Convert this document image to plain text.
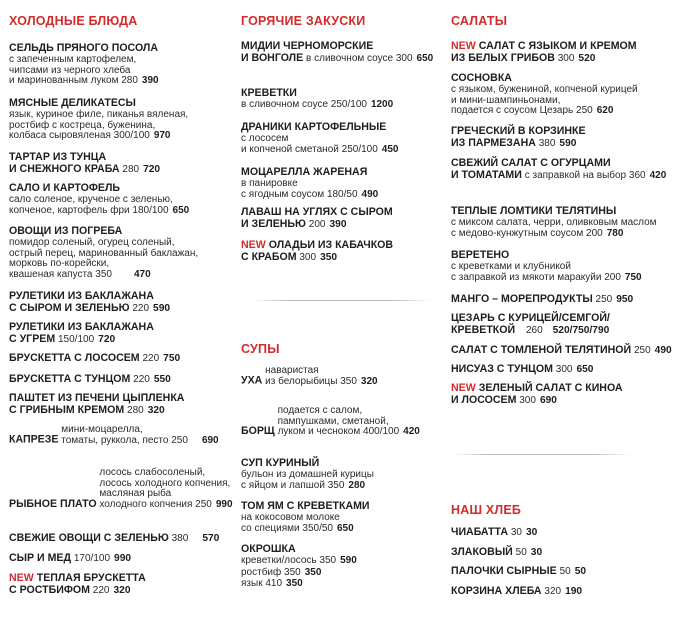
ХОЛОДНЫЕ БЛЮДА
СЕЛЬДЬ ПРЯНОГО ПОСОЛА с запеченным картофелем,
чипсами из черного хлеба
и маринованным луком 280 390
МЯСНЫЕ ДЕЛИКАТЕСЫ язык, куриное филе, пиканья вяленая,
ростбиф с костреца, буженина,
колбаса сыровяленая 300/100 970
ТАРТАР ИЗ ТУНЦА
И СНЕЖНОГО КРАБА 280 720
САЛО И КАРТОФЕЛЬ сало соленое, крученое с зеленью,
копченое, картофель фри 180/100 650
ОВОЩИ ИЗ ПОГРЕБА помидор соленый, огурец соленый,
острый перец, маринованный баклажан,
морковь по-корейски,
квашеная капуста 350 470
РУЛЕТИКИ ИЗ БАКЛАЖАНА
С СЫРОМ И ЗЕЛЕНЬЮ 220 590
РУЛЕТИКИ ИЗ БАКЛАЖАНА
С УГРЕМ 150/100 720
БРУСКЕТТА С ЛОСОСЕМ 220 750
БРУСКЕТТА С ТУНЦОМ 220 550
ПАШТЕТ ИЗ ПЕЧЕНИ ЦЫПЛЕНКА
С ГРИБНЫМ КРЕМОМ 280 320
КАПРЕЗЕ мини-моцарелла,
томаты, руккола, песто 250 690
РЫБНОЕ ПЛАТО лосось слабосоленый,
лосось холодного копчения,
масляная рыба
холодного копчения 250 990
СВЕЖИЕ ОВОЩИ С ЗЕЛЕНЬЮ 380 570
СЫР И МЕД 170/100 990
NEW ТЕПЛАЯ БРУСКЕТТА
С РОСТБИФОМ 220 320
ГОРЯЧИЕ ЗАКУСКИ
МИДИИ ЧЕРНОМОРСКИЕ
И ВОНГОЛЕ в сливочном соусе 300 650
КРЕВЕТКИ в сливочном соусе 250/100 1200
ДРАНИКИ КАРТОФЕЛЬНЫЕ с лососем
и копченой сметаной 250/100 450
МОЦАРЕЛЛА ЖАРЕНАЯ в панировке
с ягодным соусом 180/50 490
ЛАВАШ НА УГЛЯХ С СЫРОМ
И ЗЕЛЕНЬЮ 200 390
NEW ОЛАДЬИ ИЗ КАБАЧКОВ
С КРАБОМ 300 350
СУПЫ
УХА наваристая
из белорыбицы 350 320
БОРЩ подается с салом,
пампушками, сметаной,
луком и чесноком 400/100 420
СУП КУРИНЫЙ бульон из домашней курицы
с яйцом и лапшой 350 280
ТОМ ЯМ С КРЕВЕТКАМИ на кокосовом молоке
со специями 350/50 650
ОКРОШКА
креветки/лосось 350 590
ростбиф 350 350
язык 410 350
САЛАТЫ
NEW САЛАТ С ЯЗЫКОМ И КРЕМОМ
ИЗ БЕЛЫХ ГРИБОВ 300 520
СОСНОВКА с языком, бужениной, копченой курицей
и мини-шампиньонами,
подается с соусом Цезарь 250 620
ГРЕЧЕСКИЙ В КОРЗИНКЕ
ИЗ ПАРМЕЗАНА 380 590
СВЕЖИЙ САЛАТ С ОГУРЦАМИ
И ТОМАТАМИ с заправкой на выбор 360 420
ТЕПЛЫЕ ЛОМТИКИ ТЕЛЯТИНЫ с миксом салата, черри, оливковым маслом
с медово-кунжутным соусом 200 780
ВЕРЕТЕНО с креветками и клубникой
с заправкой из мякоти маракуйи 200 750
МАНГО – МОРЕПРОДУКТЫ 250 950
ЦЕЗАРЬ С КУРИЦЕЙ/СЕМГОЙ/
КРЕВЕТКОЙ 260 520/750/790
САЛАТ С ТОМЛЕНОЙ ТЕЛЯТИНОЙ 250 490
НИСУАЗ С ТУНЦОМ 300 650
NEW ЗЕЛЕНЫЙ САЛАТ С КИНОА
И ЛОСОСЕМ 300 690
НАШ ХЛЕБ
ЧИАБАТТА 30 30
ЗЛАКОВЫЙ 50 30
ПАЛОЧКИ СЫРНЫЕ 50 50
КОРЗИНА ХЛЕБА 320 190
